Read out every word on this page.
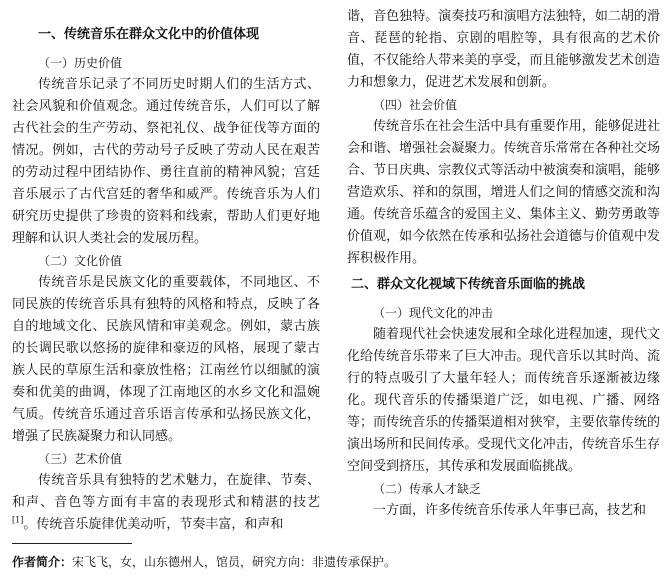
一、传统音乐在群众文化中的价值体现
（一）历史价值

传统音乐记录了不同历史时期人们的生活方式、社会风貌和价值观念。通过传统音乐，人们可以了解古代社会的生产劳动、祭祀礼仪、战争征伐等方面的情况。例如，古代的劳动号子反映了劳动人民在艰苦的劳动过程中团结协作、勇往直前的精神风貌；宫廷音乐展示了古代宫廷的奢华和威严。传统音乐为人们研究历史提供了珍贵的资料和线索，帮助人们更好地理解和认识人类社会的发展历程。

（二）文化价值

传统音乐是民族文化的重要载体，不同地区、不同民族的传统音乐具有独特的风格和特点，反映了各自的地域文化、民族风情和审美观念。例如，蒙古族的长调民歌以悠扬的旋律和豪迈的风格，展现了蒙古族人民的草原生活和豪放性格；江南丝竹以细腻的演奏和优美的曲调，体现了江南地区的水乡文化和温婉气质。传统音乐通过音乐语言传承和弘扬民族文化，增强了民族凝聚力和认同感。

（三）艺术价值

传统音乐具有独特的艺术魅力，在旋律、节奏、和声、音色等方面有丰富的表现形式和精湛的技艺[1]。传统音乐旋律优美动听，节奏丰富，和声和

谐，音色独特。演奏技巧和演唱方法独特，如二胡的滑音、琵琶的轮指、京剧的唱腔等，具有很高的艺术价值，不仅能给人带来美的享受，而且能够激发艺术创造力和想象力，促进艺术发展和创新。

（四）社会价值

传统音乐在社会生活中具有重要作用，能够促进社会和谐、增强社会凝聚力。传统音乐常常在各种社交场合、节日庆典、宗教仪式等活动中被演奏和演唱，能够营造欢乐、祥和的氛围，增进人们之间的情感交流和沟通。传统音乐蕴含的爱国主义、集体主义、勤劳勇敢等价值观，如今依然在传承和弘扬社会道德与价值观中发挥积极作用。

二、群众文化视域下传统音乐面临的挑战
（一）现代文化的冲击

随着现代社会快速发展和全球化进程加速，现代文化给传统音乐带来了巨大冲击。现代音乐以其时尚、流行的特点吸引了大量年轻人；而传统音乐逐渐被边缘化。现代音乐的传播渠道广泛，如电视、广播、网络等；而传统音乐的传播渠道相对狭窄，主要依靠传统的演出场所和民间传承。受现代文化冲击，传统音乐生存空间受到挤压，其传承和发展面临挑战。

（二）传承人才缺乏

一方面，许多传统音乐传承人年事已高，技艺和

作者简介：宋飞飞，女，山东德州人，馆员，研究方向：非遗传承保护。
